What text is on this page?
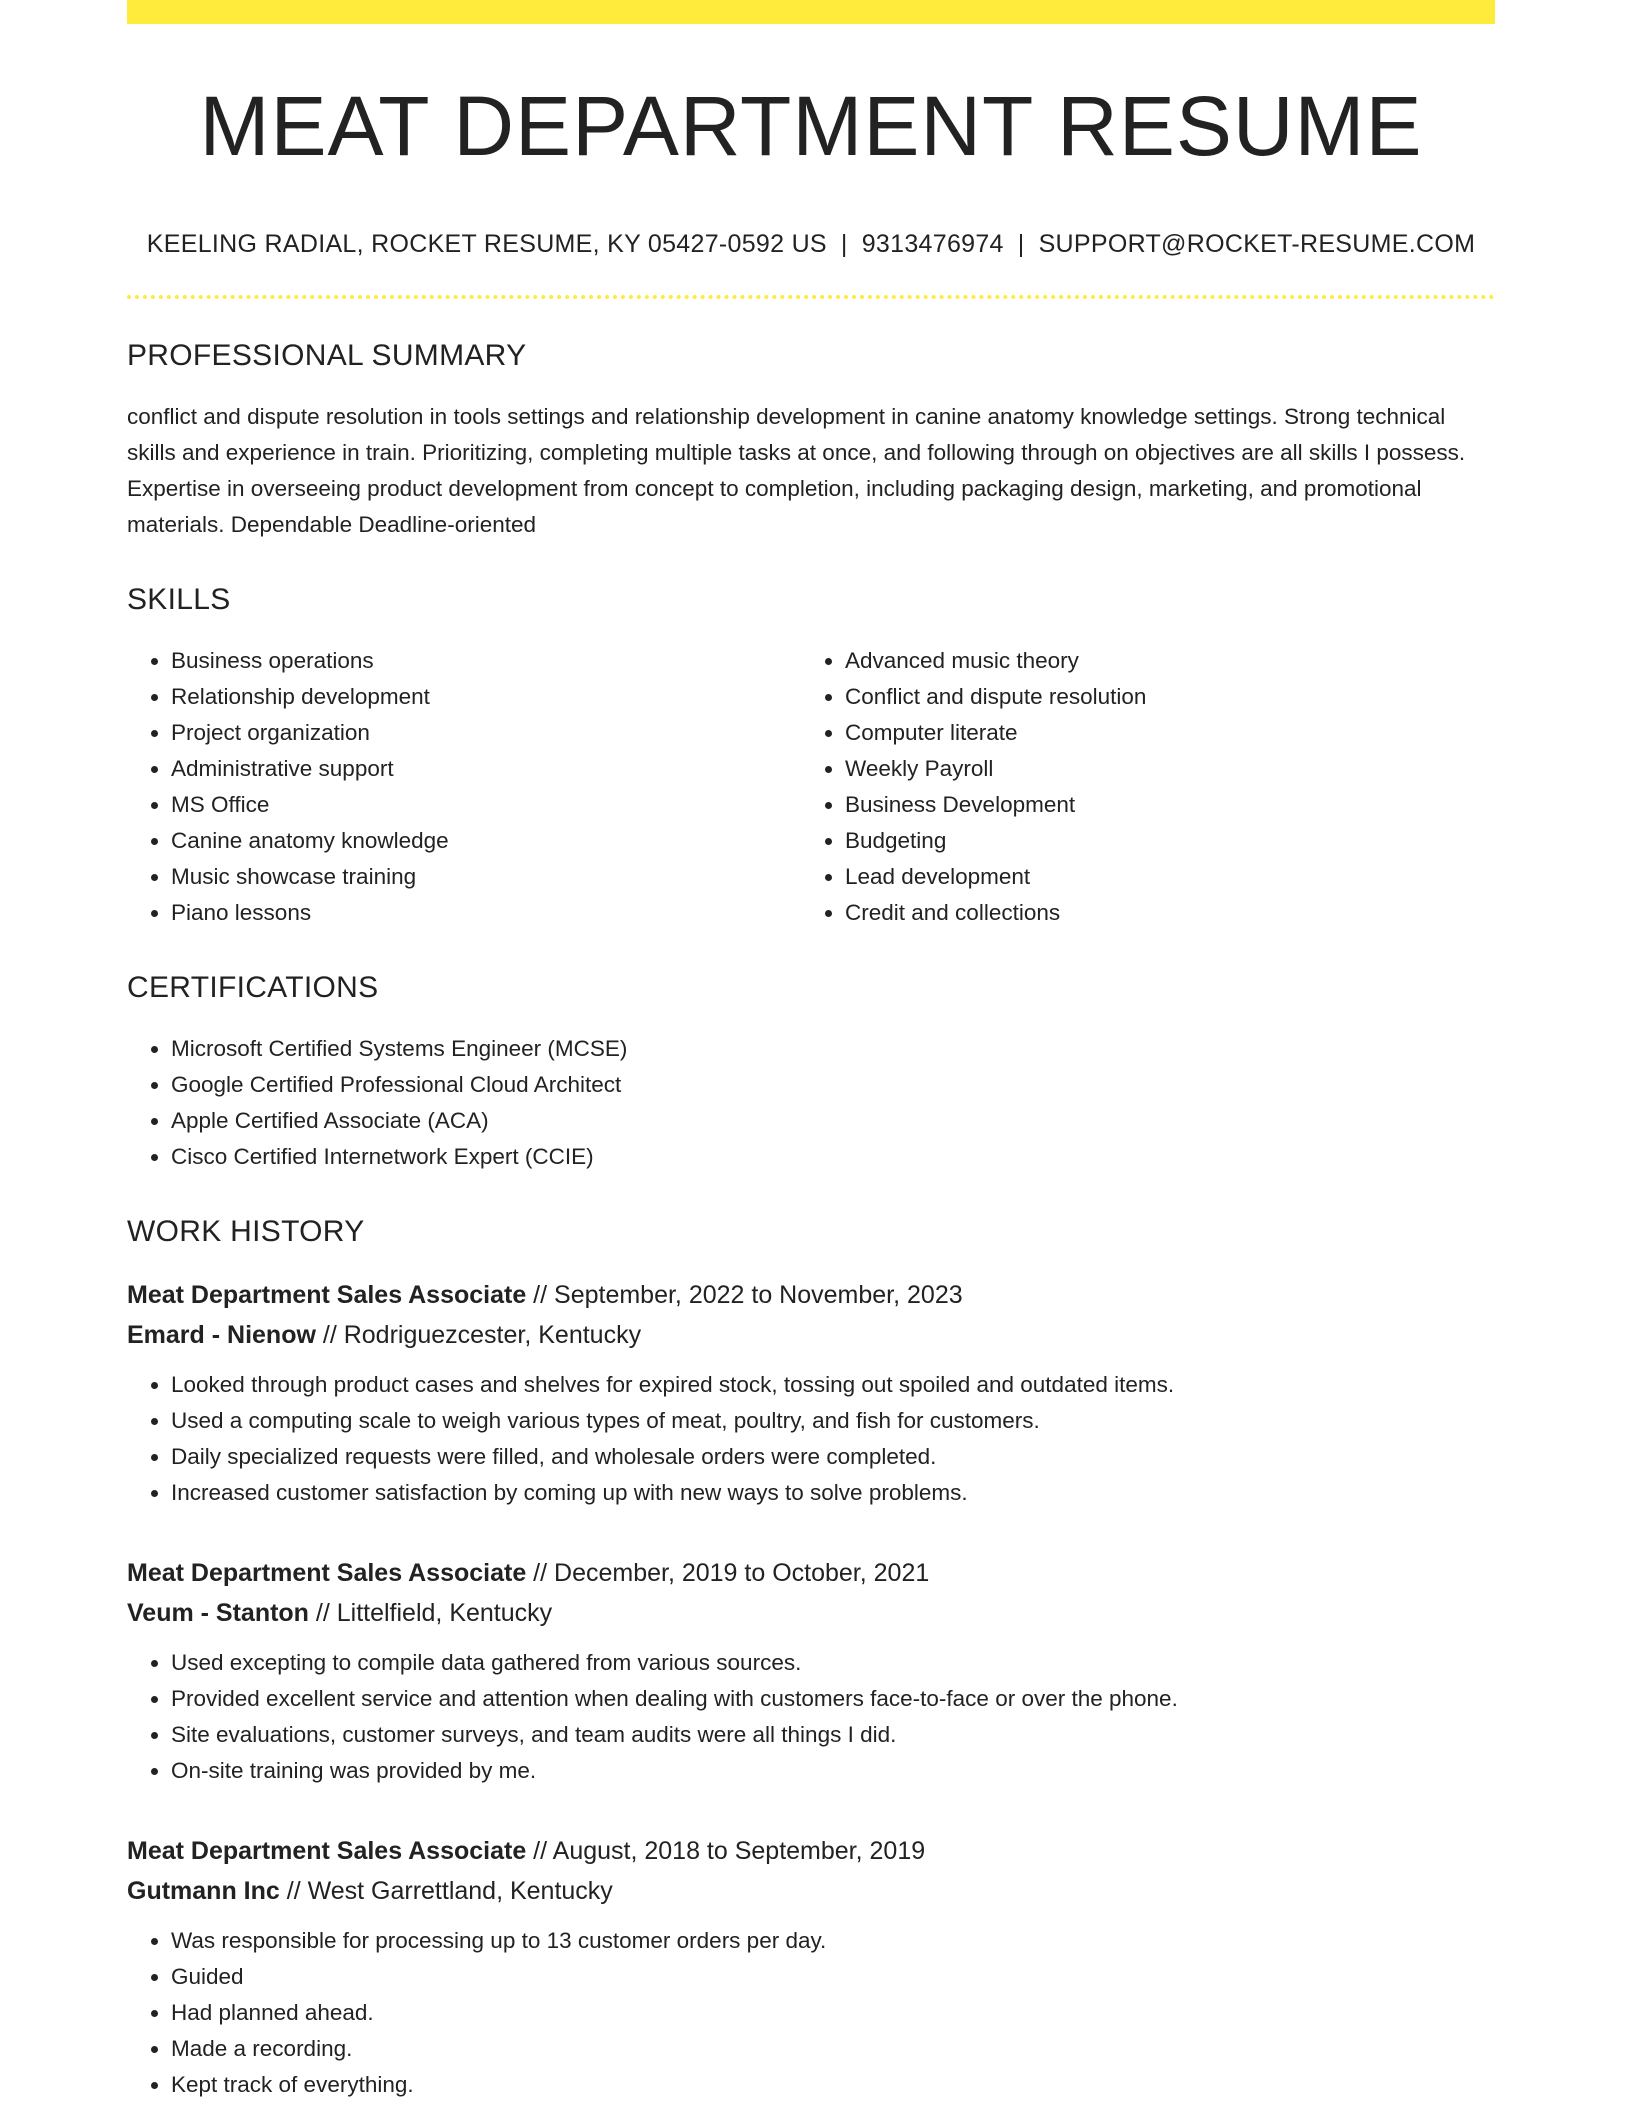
MEAT DEPARTMENT RESUME
KEELING RADIAL, ROCKET RESUME, KY 05427-0592 US | 9313476974 | SUPPORT@ROCKET-RESUME.COM
PROFESSIONAL SUMMARY
conflict and dispute resolution in tools settings and relationship development in canine anatomy knowledge settings. Strong technical skills and experience in train. Prioritizing, completing multiple tasks at once, and following through on objectives are all skills I possess. Expertise in overseeing product development from concept to completion, including packaging design, marketing, and promotional materials. Dependable Deadline-oriented
SKILLS
• Business operations
• Relationship development
• Project organization
• Administrative support
• MS Office
• Canine anatomy knowledge
• Music showcase training
• Piano lessons
• Advanced music theory
• Conflict and dispute resolution
• Computer literate
• Weekly Payroll
• Business Development
• Budgeting
• Lead development
• Credit and collections
CERTIFICATIONS
• Microsoft Certified Systems Engineer (MCSE)
• Google Certified Professional Cloud Architect
• Apple Certified Associate (ACA)
• Cisco Certified Internetwork Expert (CCIE)
WORK HISTORY
Meat Department Sales Associate // September, 2022 to November, 2023
Emard - Nienow // Rodriguezcester, Kentucky
• Looked through product cases and shelves for expired stock, tossing out spoiled and outdated items.
• Used a computing scale to weigh various types of meat, poultry, and fish for customers.
• Daily specialized requests were filled, and wholesale orders were completed.
• Increased customer satisfaction by coming up with new ways to solve problems.
Meat Department Sales Associate // December, 2019 to October, 2021
Veum - Stanton // Littelfield, Kentucky
• Used excepting to compile data gathered from various sources.
• Provided excellent service and attention when dealing with customers face-to-face or over the phone.
• Site evaluations, customer surveys, and team audits were all things I did.
• On-site training was provided by me.
Meat Department Sales Associate // August, 2018 to September, 2019
Gutmann Inc // West Garrettland, Kentucky
• Was responsible for processing up to 13 customer orders per day.
• Guided
• Had planned ahead.
• Made a recording.
• Kept track of everything.
